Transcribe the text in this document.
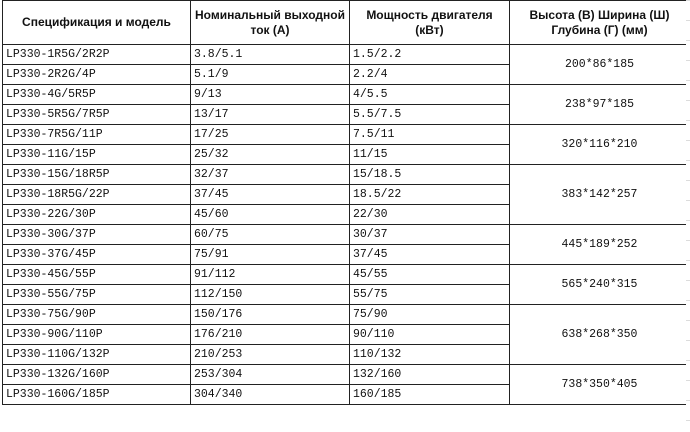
Спецификация и модель	Номинальный выходной ток (А)	Мощность двигателя (кВт)	Высота (В) Ширина (Ш) Глубина (Г) (мм)
LP330-1R5G/2R2P	3.8/5.1	1.5/2.2	200*86*185
LP330-2R2G/4P	5.1/9	2.2/4	
LP330-4G/5R5P	9/13	4/5.5	238*97*185
LP330-5R5G/7R5P	13/17	5.5/7.5	
LP330-7R5G/11P	17/25	7.5/11	320*116*210
LP330-11G/15P	25/32	11/15	
LP330-15G/18R5P	32/37	15/18.5	383*142*257
LP330-18R5G/22P	37/45	18.5/22	
LP330-22G/30P	45/60	22/30	
LP330-30G/37P	60/75	30/37	445*189*252
LP330-37G/45P	75/91	37/45	
LP330-45G/55P	91/112	45/55	565*240*315
LP330-55G/75P	112/150	55/75	
LP330-75G/90P	150/176	75/90	638*268*350
LP330-90G/110P	176/210	90/110	
LP330-110G/132P	210/253	110/132	
LP330-132G/160P	253/304	132/160	738*350*405
LP330-160G/185P	304/340	160/185	
